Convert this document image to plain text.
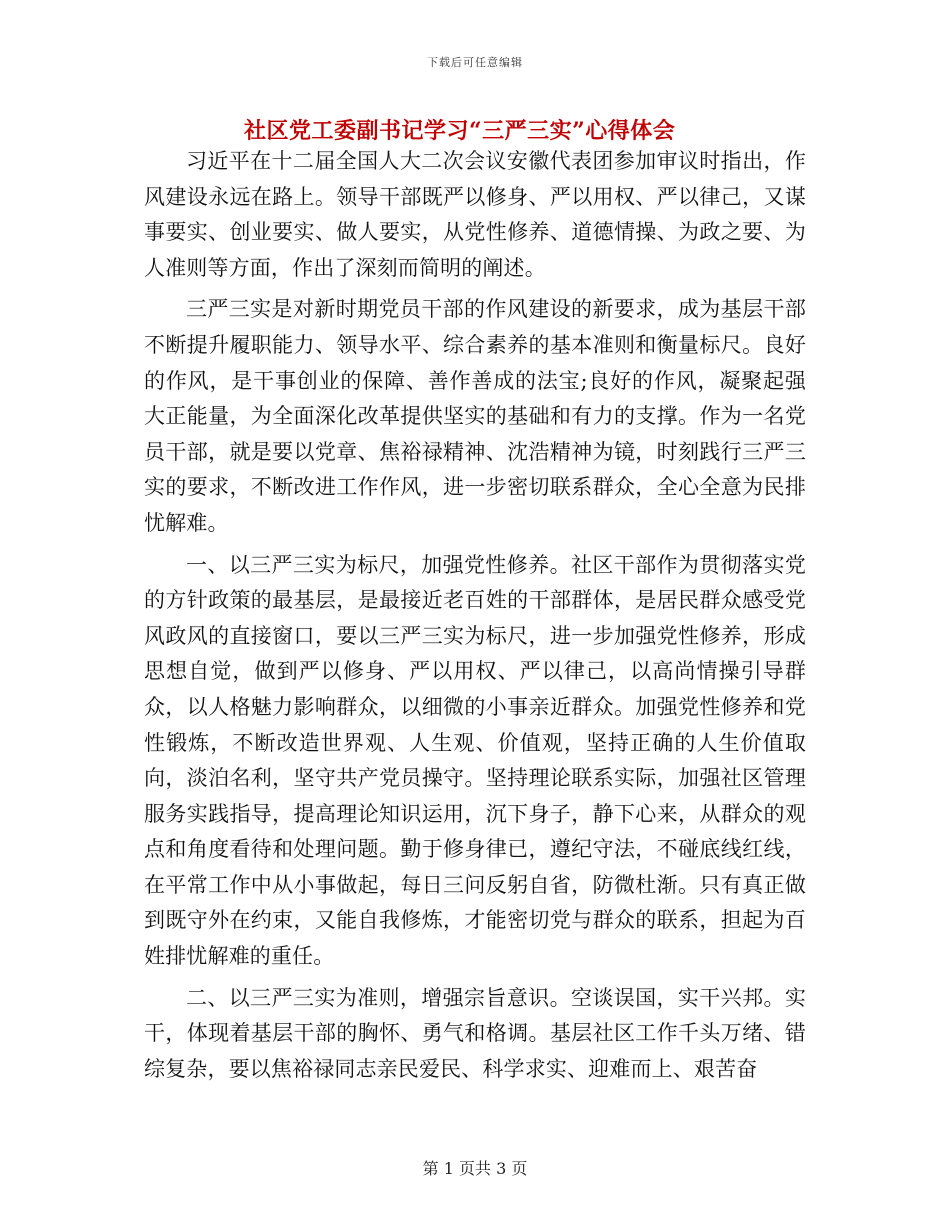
下载后可任意编辑
社区党工委副书记学习“三严三实”心得体会

习近平在十二届全国人大二次会议安徽代表团参加审议时指出，作风建设永远在路上。领导干部既严以修身、严以用权、严以律己，又谋事要实、创业要实、做人要实，从党性修养、道德情操、为政之要、为人准则等方面，作出了深刻而简明的阐述。

三严三实是对新时期党员干部的作风建设的新要求，成为基层干部不断提升履职能力、领导水平、综合素养的基本准则和衡量标尺。良好的作风，是干事创业的保障、善作善成的法宝;良好的作风，凝聚起强大正能量，为全面深化改革提供坚实的基础和有力的支撑。作为一名党员干部，就是要以党章、焦裕禄精神、沈浩精神为镜，时刻践行三严三实的要求，不断改进工作作风，进一步密切联系群众，全心全意为民排忧解难。

一、以三严三实为标尺，加强党性修养。社区干部作为贯彻落实党的方针政策的最基层，是最接近老百姓的干部群体，是居民群众感受党风政风的直接窗口，要以三严三实为标尺，进一步加强党性修养，形成思想自觉，做到严以修身、严以用权、严以律己，以高尚情操引导群众，以人格魅力影响群众，以细微的小事亲近群众。加强党性修养和党性锻炼，不断改造世界观、人生观、价值观，坚持正确的人生价值取向，淡泊名利，坚守共产党员操守。坚持理论联系实际，加强社区管理服务实践指导，提高理论知识运用，沉下身子，静下心来，从群众的观点和角度看待和处理问题。勤于修身律已，遵纪守法，不碰底线红线，在平常工作中从小事做起，每日三问反躬自省，防微杜渐。只有真正做到既守外在约束，又能自我修炼，才能密切党与群众的联系，担起为百姓排忧解难的重任。

二、以三严三实为准则，增强宗旨意识。空谈误国，实干兴邦。实干，体现着基层干部的胸怀、勇气和格调。基层社区工作千头万绪、错综复杂，要以焦裕禄同志亲民爱民、科学求实、迎难而上、艰苦奋

第 1 页共 3 页
